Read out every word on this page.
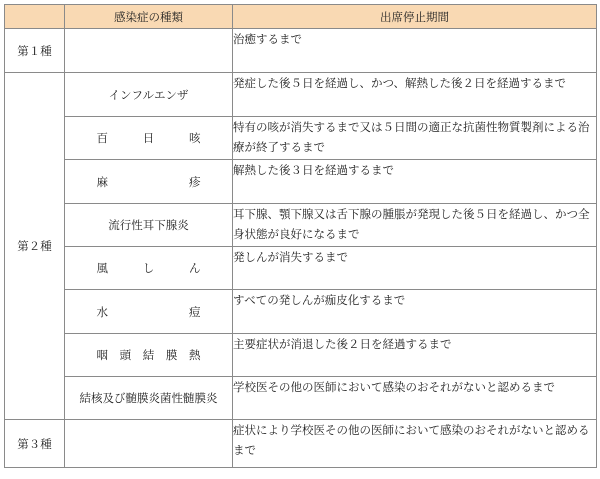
	感染症の種類	出席停止期間
第１種		治癒するまで
第２種	インフルエンザ	発症した後５日を経過し、かつ、解熱した後２日を経過するまで
	百日咳	特有の咳が消失するまで又は５日間の適正な抗菌性物質製剤による治療が終了するまで
	麻疹	解熱した後３日を経過するまで
	流行性耳下腺炎	耳下腺、顎下腺又は舌下腺の腫脹が発現した後５日を経過し、かつ全身状態が良好になるまで
	風しん	発しんが消失するまで
	水痘	すべての発しんが痂皮化するまで
	咽頭結膜熱	主要症状が消退した後２日を経過するまで
	結核及び髄膜炎菌性髄膜炎	学校医その他の医師において感染のおそれがないと認めるまで
第３種		症状により学校医その他の医師において感染のおそれがないと認めるまで
